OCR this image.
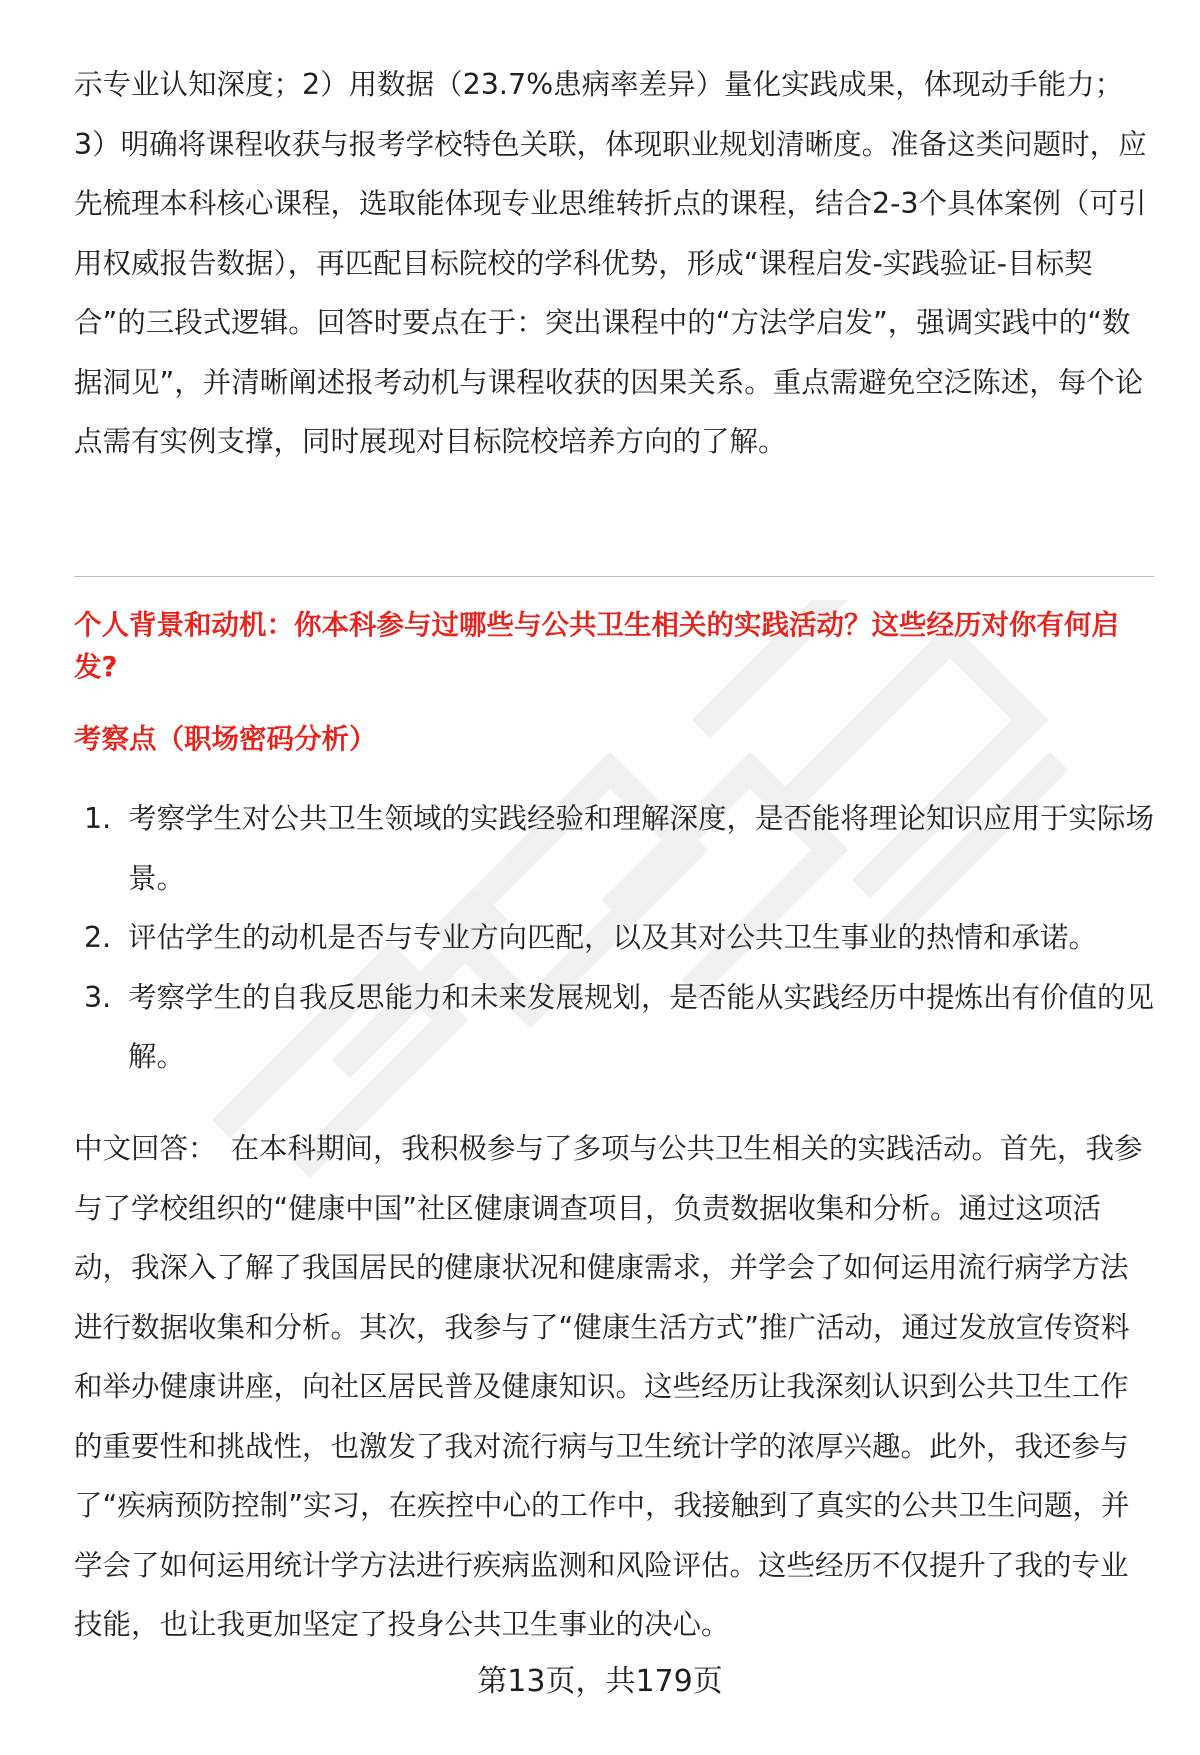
示专业认知深度；2）用数据（23.7%患病率差异）量化实践成果，体现动手能力；3）明确将课程收获与报考学校特色关联，体现职业规划清晰度。准备这类问题时，应先梳理本科核心课程，选取能体现专业思维转折点的课程，结合2-3个具体案例（可引用权威报告数据），再匹配目标院校的学科优势，形成“课程启发-实践验证-目标契合”的三段式逻辑。回答时要点在于：突出课程中的“方法学启发”，强调实践中的“数据洞见”，并清晰阐述报考动机与课程收获的因果关系。重点需避免空泛陈述，每个论点需有实例支撑，同时展现对目标院校培养方向的了解。

个人背景和动机：你本科参与过哪些与公共卫生相关的实践活动？这些经历对你有何启发?

考察点（职场密码分析）

1. 考察学生对公共卫生领域的实践经验和理解深度，是否能将理论知识应用于实际场景。
2. 评估学生的动机是否与专业方向匹配，以及其对公共卫生事业的热情和承诺。
3. 考察学生的自我反思能力和未来发展规划，是否能从实践经历中提炼出有价值的见解。

中文回答： 在本科期间，我积极参与了多项与公共卫生相关的实践活动。首先，我参与了学校组织的“健康中国”社区健康调查项目，负责数据收集和分析。通过这项活动，我深入了解了我国居民的健康状况和健康需求，并学会了如何运用流行病学方法进行数据收集和分析。其次，我参与了“健康生活方式”推广活动，通过发放宣传资料和举办健康讲座，向社区居民普及健康知识。这些经历让我深刻认识到公共卫生工作的重要性和挑战性，也激发了我对流行病与卫生统计学的浓厚兴趣。此外，我还参与了“疾病预防控制”实习，在疾控中心的工作中，我接触到了真实的公共卫生问题，并学会了如何运用统计学方法进行疾病监测和风险评估。这些经历不仅提升了我的专业技能，也让我更加坚定了投身公共卫生事业的决心。

第13页，共179页
